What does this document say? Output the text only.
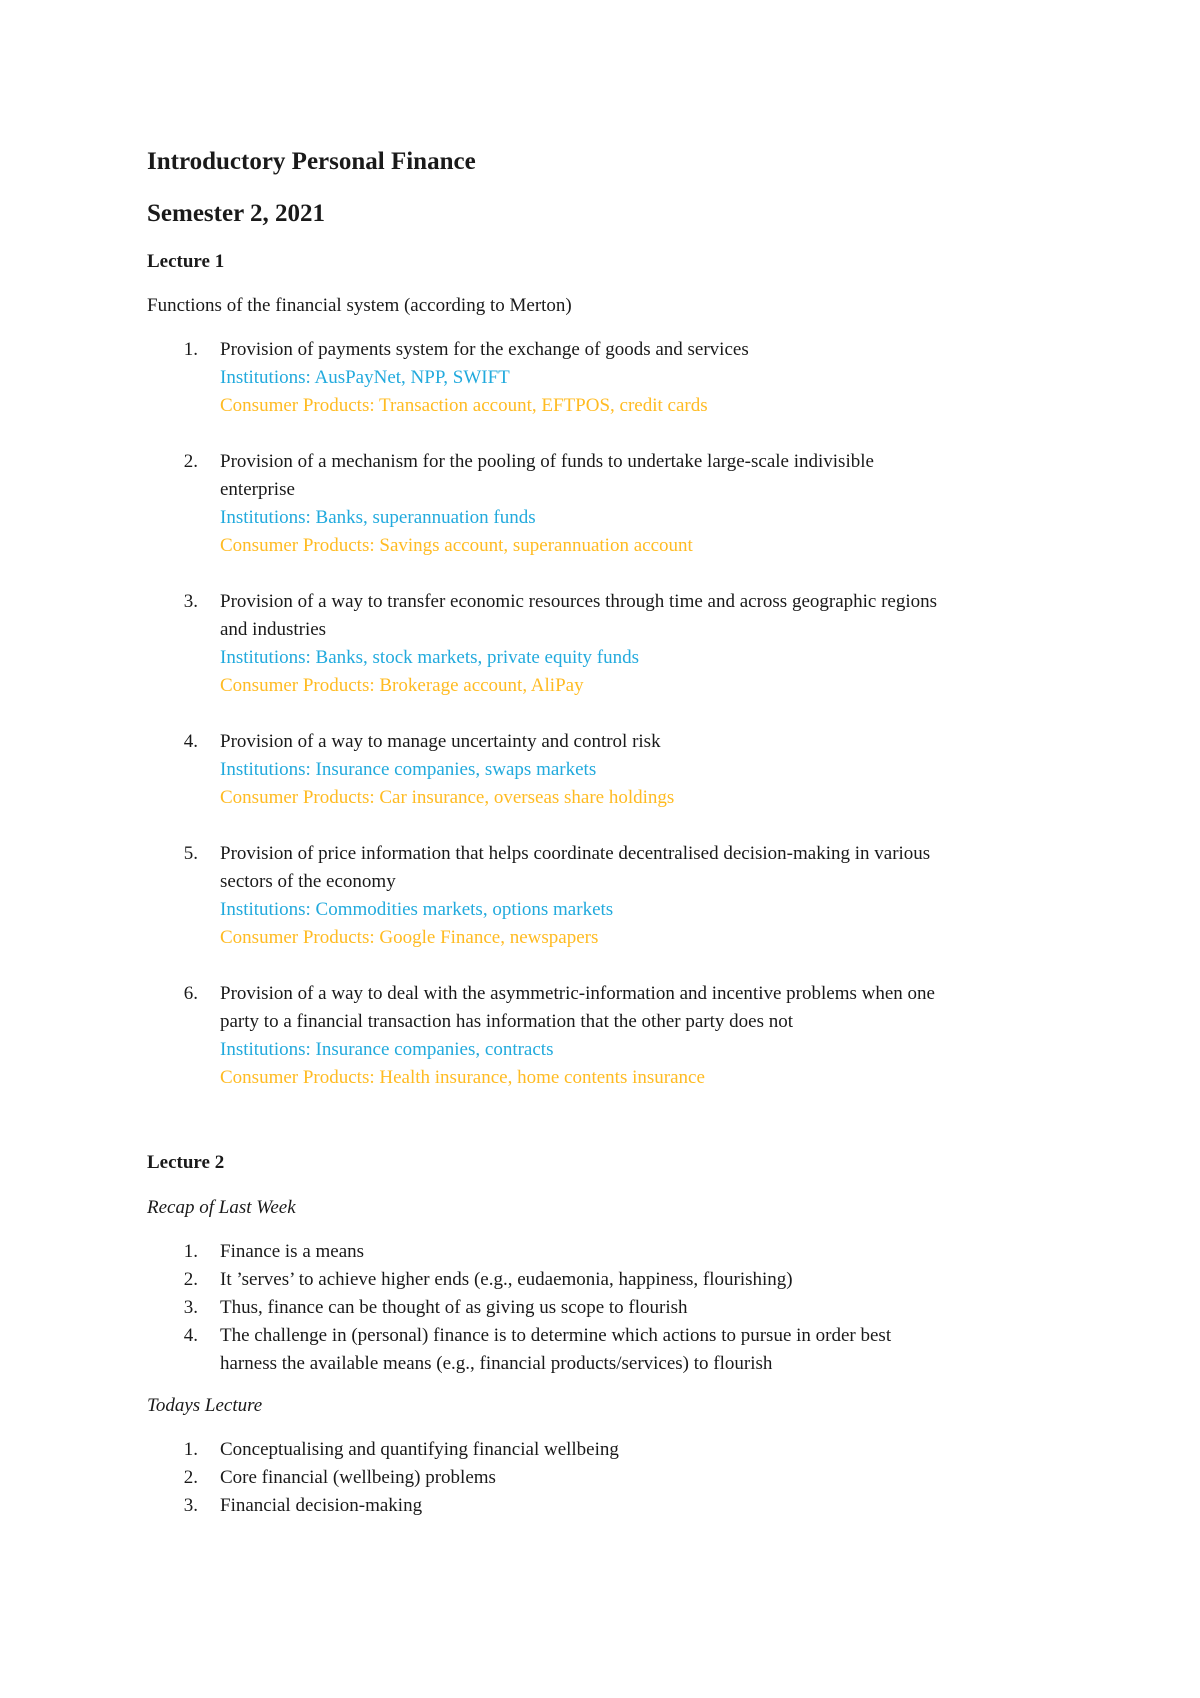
Introductory Personal Finance
Semester 2, 2021
Lecture 1
Functions of the financial system (according to Merton)
1. Provision of payments system for the exchange of goods and services
Institutions: AusPayNet, NPP, SWIFT
Consumer Products: Transaction account, EFTPOS, credit cards
2. Provision of a mechanism for the pooling of funds to undertake large-scale indivisible
enterprise
Institutions: Banks, superannuation funds
Consumer Products: Savings account, superannuation account
3. Provision of a way to transfer economic resources through time and across geographic regions
and industries
Institutions: Banks, stock markets, private equity funds
Consumer Products: Brokerage account, AliPay
4. Provision of a way to manage uncertainty and control risk
Institutions: Insurance companies, swaps markets
Consumer Products: Car insurance, overseas share holdings
5. Provision of price information that helps coordinate decentralised decision-making in various
sectors of the economy
Institutions: Commodities markets, options markets
Consumer Products: Google Finance, newspapers
6. Provision of a way to deal with the asymmetric-information and incentive problems when one
party to a financial transaction has information that the other party does not
Institutions: Insurance companies, contracts
Consumer Products: Health insurance, home contents insurance
Lecture 2
Recap of Last Week
1. Finance is a means
2. It ’serves’ to achieve higher ends (e.g., eudaemonia, happiness, flourishing)
3. Thus, finance can be thought of as giving us scope to flourish
4. The challenge in (personal) finance is to determine which actions to pursue in order best
harness the available means (e.g., financial products/services) to flourish
Todays Lecture
1. Conceptualising and quantifying financial wellbeing
2. Core financial (wellbeing) problems
3. Financial decision-making
